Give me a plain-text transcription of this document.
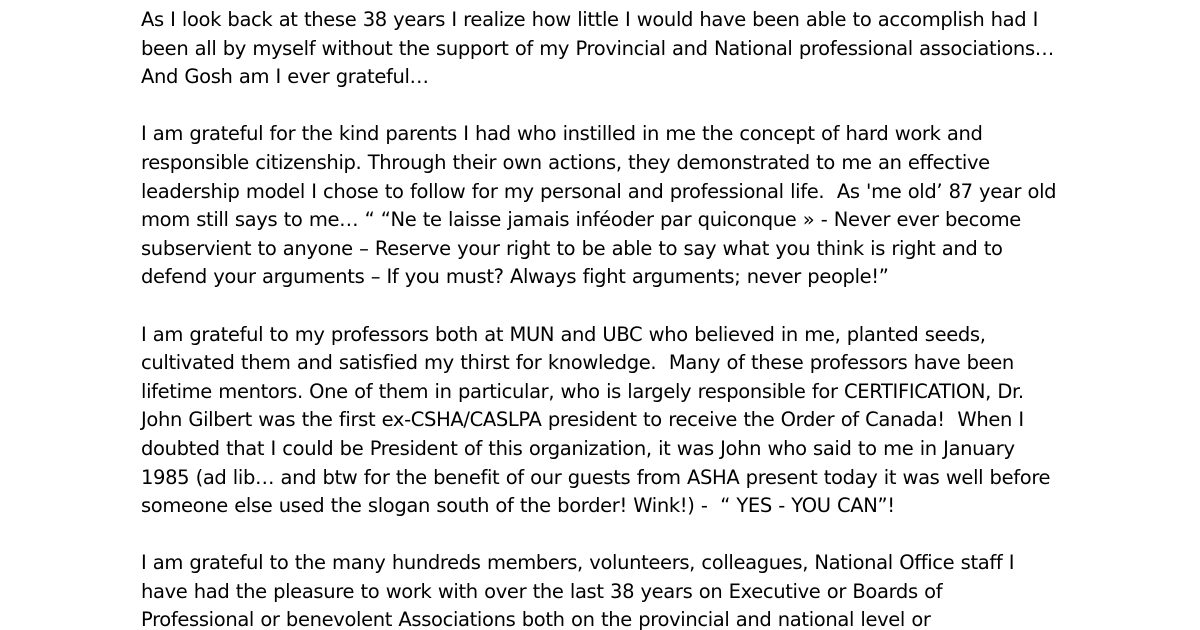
As I look back at these 38 years I realize how little I would have been able to accomplish had I
been all by myself without the support of my Provincial and National professional associations…
And Gosh am I ever grateful…

I am grateful for the kind parents I had who instilled in me the concept of hard work and
responsible citizenship. Through their own actions, they demonstrated to me an effective
leadership model I chose to follow for my personal and professional life.  As 'me old’ 87 year old
mom still says to me… “ “Ne te laisse jamais inféoder par quiconque » - Never ever become
subservient to anyone – Reserve your right to be able to say what you think is right and to
defend your arguments – If you must? Always fight arguments; never people!”

I am grateful to my professors both at MUN and UBC who believed in me, planted seeds,
cultivated them and satisfied my thirst for knowledge.  Many of these professors have been
lifetime mentors. One of them in particular, who is largely responsible for CERTIFICATION, Dr.
John Gilbert was the first ex-CSHA/CASLPA president to receive the Order of Canada!  When I
doubted that I could be President of this organization, it was John who said to me in January
1985 (ad lib… and btw for the benefit of our guests from ASHA present today it was well before
someone else used the slogan south of the border! Wink!) -  “ YES - YOU CAN”!

I am grateful to the many hundreds members, volunteers, colleagues, National Office staff I
have had the pleasure to work with over the last 38 years on Executive or Boards of
Professional or benevolent Associations both on the provincial and national level or
